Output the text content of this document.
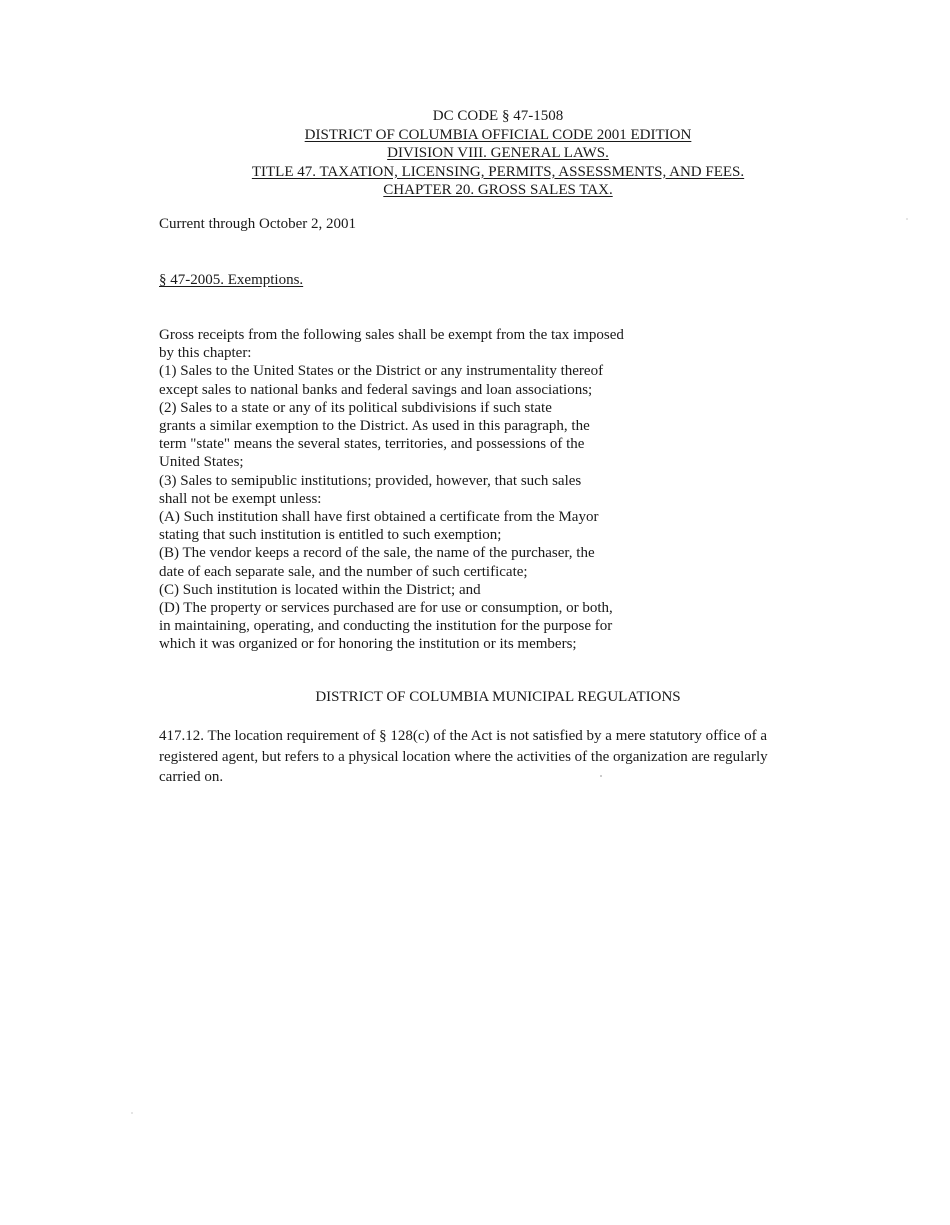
DC CODE § 47-1508
DISTRICT OF COLUMBIA OFFICIAL CODE 2001 EDITION
DIVISION VIII. GENERAL LAWS.
TITLE 47. TAXATION, LICENSING, PERMITS, ASSESSMENTS, AND FEES.
CHAPTER 20. GROSS SALES TAX.
Current through October 2, 2001
§ 47-2005. Exemptions.
Gross receipts from the following sales shall be exempt from the tax imposed
by this chapter:
(1) Sales to the United States or the District or any instrumentality thereof
except sales to national banks and federal savings and loan associations;
(2) Sales to a state or any of its political subdivisions if such state
grants a similar exemption to the District. As used in this paragraph, the
term "state" means the several states, territories, and possessions of the
United States;
(3) Sales to semipublic institutions; provided, however, that such sales
shall not be exempt unless:
(A) Such institution shall have first obtained a certificate from the Mayor
stating that such institution is entitled to such exemption;
(B) The vendor keeps a record of the sale, the name of the purchaser, the
date of each separate sale, and the number of such certificate;
(C) Such institution is located within the District; and
(D) The property or services purchased are for use or consumption, or both,
in maintaining, operating, and conducting the institution for the purpose for
which it was organized or for honoring the institution or its members;
DISTRICT OF COLUMBIA MUNICIPAL REGULATIONS
417.12. The location requirement of § 128(c) of the Act is not satisfied by a mere statutory office of a registered agent, but refers to a physical location where the activities of the organization are regularly carried on.
